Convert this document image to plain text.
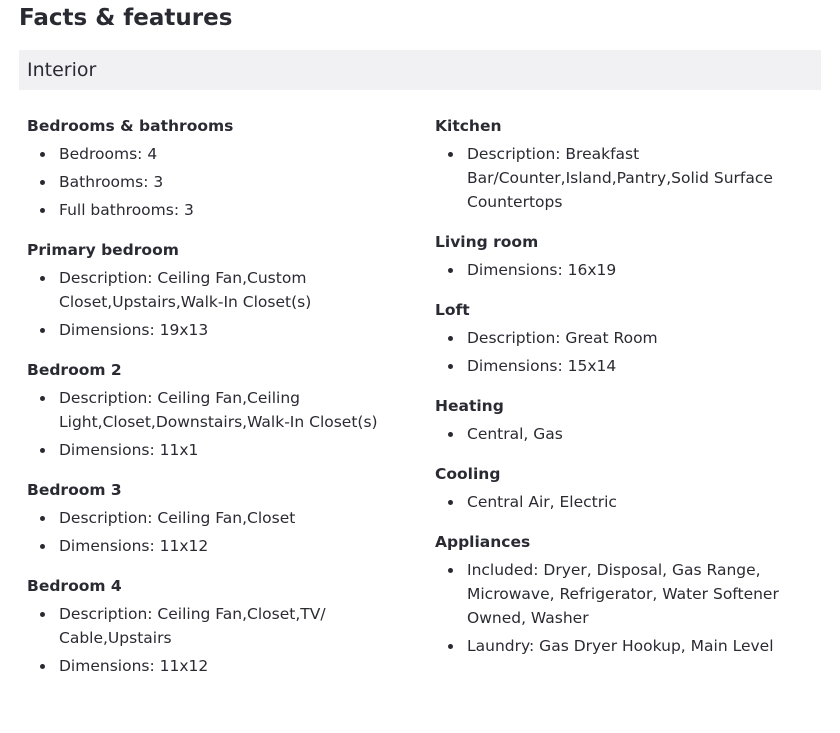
Facts & features
Interior
Bedrooms & bathrooms
Bedrooms: 4
Bathrooms: 3
Full bathrooms: 3
Primary bedroom
Description: Ceiling Fan,Custom Closet,Upstairs,Walk-In Closet(s)
Dimensions: 19x13
Bedroom 2
Description: Ceiling Fan,Ceiling Light,Closet,Downstairs,Walk-In Closet(s)
Dimensions: 11x1
Bedroom 3
Description: Ceiling Fan,Closet
Dimensions: 11x12
Bedroom 4
Description: Ceiling Fan,Closet,TV/ Cable,Upstairs
Dimensions: 11x12
Kitchen
Description: Breakfast Bar/Counter,Island,Pantry,Solid Surface Countertops
Living room
Dimensions: 16x19
Loft
Description: Great Room
Dimensions: 15x14
Heating
Central, Gas
Cooling
Central Air, Electric
Appliances
Included: Dryer, Disposal, Gas Range, Microwave, Refrigerator, Water Softener Owned, Washer
Laundry: Gas Dryer Hookup, Main Level
